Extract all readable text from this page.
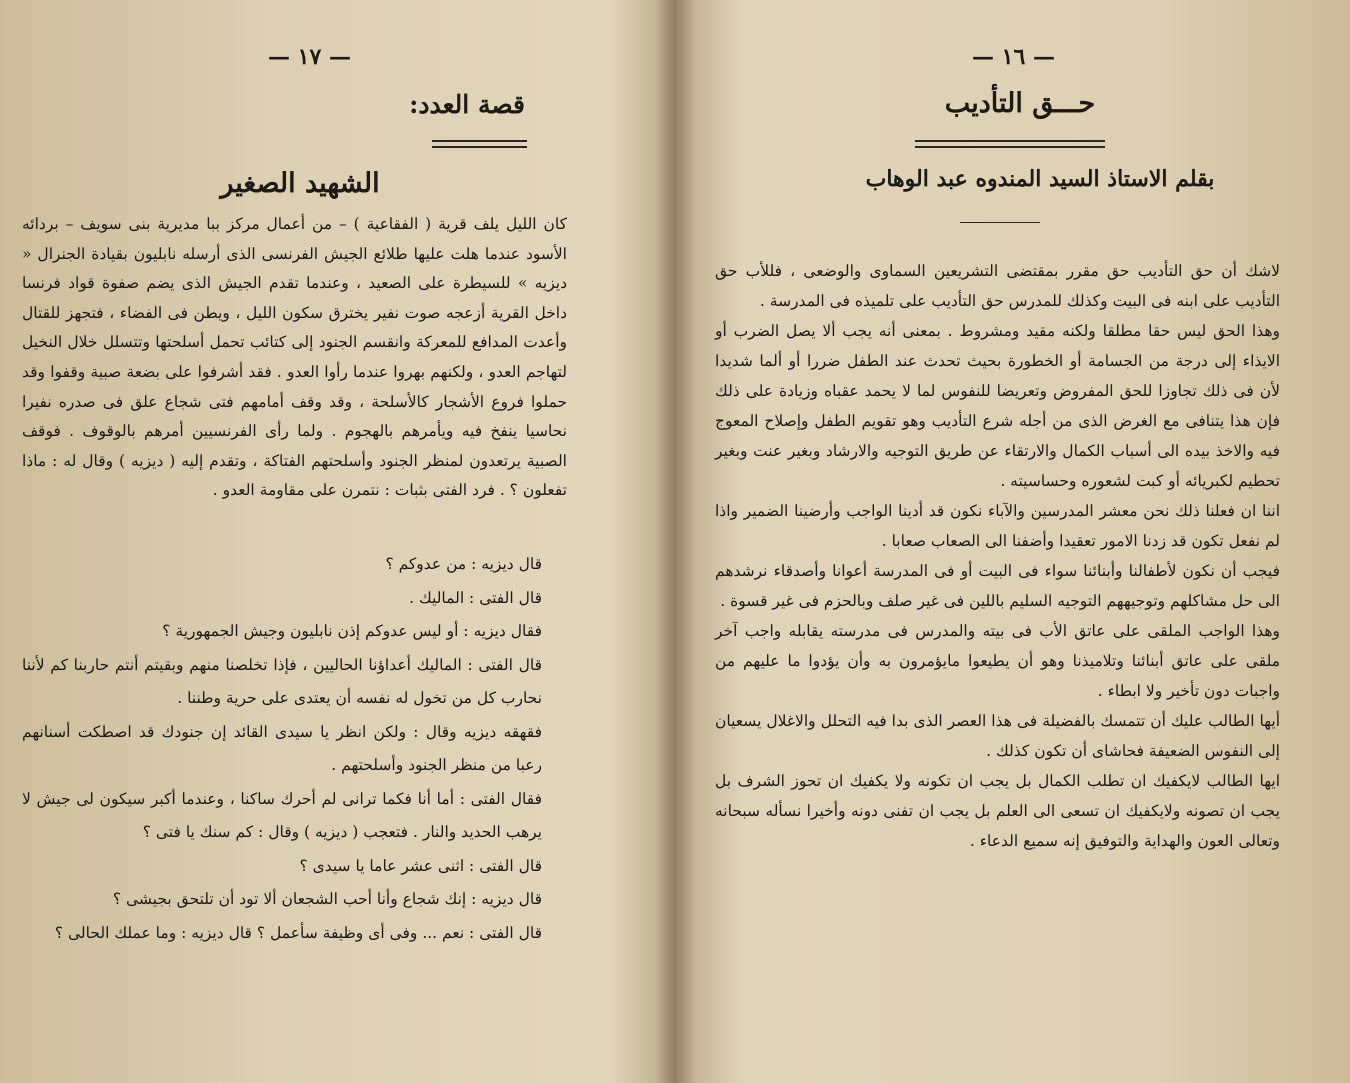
— ١٧ —
قصة العدد:
الشهيد الصغير

كان الليل يلف قرية ( الفقاعية ) – من أعمال مركز ببا مديرية بنى سويف – بردائه الأسود عندما هلت عليها طلائع الجيش الفرنسى الذى أرسله نابليون بقيادة الجنرال « ديزيه » للسيطرة على الصعيد ، وعندما تقدم الجيش الذى يضم صفوة قواد فرنسا داخل القرية أزعجه صوت نفير يخترق سكون الليل ، ويطن فى الفضاء ، فتجهز للقتال وأعدت المدافع للمعركة وانقسم الجنود إلى كتائب تحمل أسلحتها وتتسلل خلال النخيل لتهاجم العدو ، ولكنهم بهروا عندما رأوا العدو . فقد أشرفوا على بضعة صبية وقفوا وقد حملوا فروع الأشجار كالأسلحة ، وقد وقف أمامهم فتى شجاع علق فى صدره نفيرا نحاسيا ينفخ فيه ويأمرهم بالهجوم . ولما رأى الفرنسيين أمرهم بالوقوف . فوقف الصبية يرتعدون لمنظر الجنود وأسلحتهم الفتاكة ، وتقدم إليه ( ديزيه ) وقال له : ماذا تفعلون ؟ . فرد الفتى بثبات : نتمرن على مقاومة العدو .

قال ديزيه : من عدوكم ؟

قال الفتى : الماليك .

فقال ديزيه : أو ليس عدوكم إذن نابليون وجيش الجمهورية ؟

قال الفتى : الماليك أعداؤنا الحاليين ، فإذا تخلصنا منهم وبقيتم أنتم حاربنا كم لأننا نحارب كل من تخول له نفسه أن يعتدى على حرية وطننا .

فقهقه ديزيه وقال : ولكن انظر يا سيدى القائد إن جنودك قد اصطكت أسنانهم رعبا من منظر الجنود وأسلحتهم .

فقال الفتى : أما أنا فكما ترانى لم أحرك ساكنا ، وعندما أكبر سيكون لى جيش لا يرهب الحديد والنار . فتعجب ( ديزيه ) وقال : كم سنك يا فتى ؟

قال الفتى : اثنى عشر عاما يا سيدى ؟

قال ديزيه : إنك شجاع وأنا أحب الشجعان ألا تود أن تلتحق بجيشى ؟

قال الفتى : نعم ... وفى أى وظيفة سأعمل ؟ قال ديزيه : وما عملك الحالى ؟

— ١٦ —
حـــق التأديب
بقلم الاستاذ السيد المندوه عبد الوهاب

لاشك أن حق التأديب حق مقرر بمقتضى التشريعين السماوى والوضعى ، فللأب حق التأديب على ابنه فى البيت وكذلك للمدرس حق التأديب على تلميذه فى المدرسة .

وهذا الحق ليس حقا مطلقا ولكنه مقيد ومشروط . بمعنى أنه يجب ألا يصل الضرب أو الايذاء إلى درجة من الجسامة أو الخطورة بحيث تحدث عند الطفل ضررا أو ألما شديدا لأن فى ذلك تجاوزا للحق المفروض وتعريضا للنفوس لما لا يحمد عقباه وزيادة على ذلك فإن هذا يتنافى مع الغرض الذى من أجله شرع التأديب وهو تقويم الطفل وإصلاح المعوج فيه والاخذ بيده الى أسباب الكمال والارتقاء عن طريق التوجيه والارشاد وبغير عنت وبغير تحطيم لكبريائه أو كبت لشعوره وحساسيته .

اننا ان فعلنا ذلك نحن معشر المدرسين والآباء نكون قد أدينا الواجب وأرضينا الضمير واذا لم نفعل تكون قد زدنا الامور تعقيدا وأضفنا الى الصعاب صعابا .

فيجب أن نكون لأطفالنا وأبنائنا سواء فى البيت أو فى المدرسة أعوانا وأصدقاء نرشدهم الى حل مشاكلهم وتوجيههم التوجيه السليم باللين فى غير صلف وبالحزم فى غير قسوة .

وهذا الواجب الملقى على عاتق الأب فى بيته والمدرس فى مدرسته يقابله واجب آخر ملقى على عاتق أبنائنا وتلاميذنا وهو أن يطيعوا مايؤمرون به وأن يؤدوا ما عليهم من واجبات دون تأخير ولا ابطاء .

أيها الطالب عليك أن تتمسك بالفضيلة فى هذا العصر الذى بدا فيه التحلل والاغلال يسعيان إلى النفوس الضعيفة فحاشاى أن تكون كذلك .

ايها الطالب لايكفيك ان تطلب الكمال بل يجب ان تكونه ولا يكفيك ان تحوز الشرف بل يجب ان تصونه ولايكفيك ان تسعى الى العلم بل يجب ان تفنى دونه وأخيرا نسأله سبحانه وتعالى العون والهداية والتوفيق إنه سميع الدعاء .
